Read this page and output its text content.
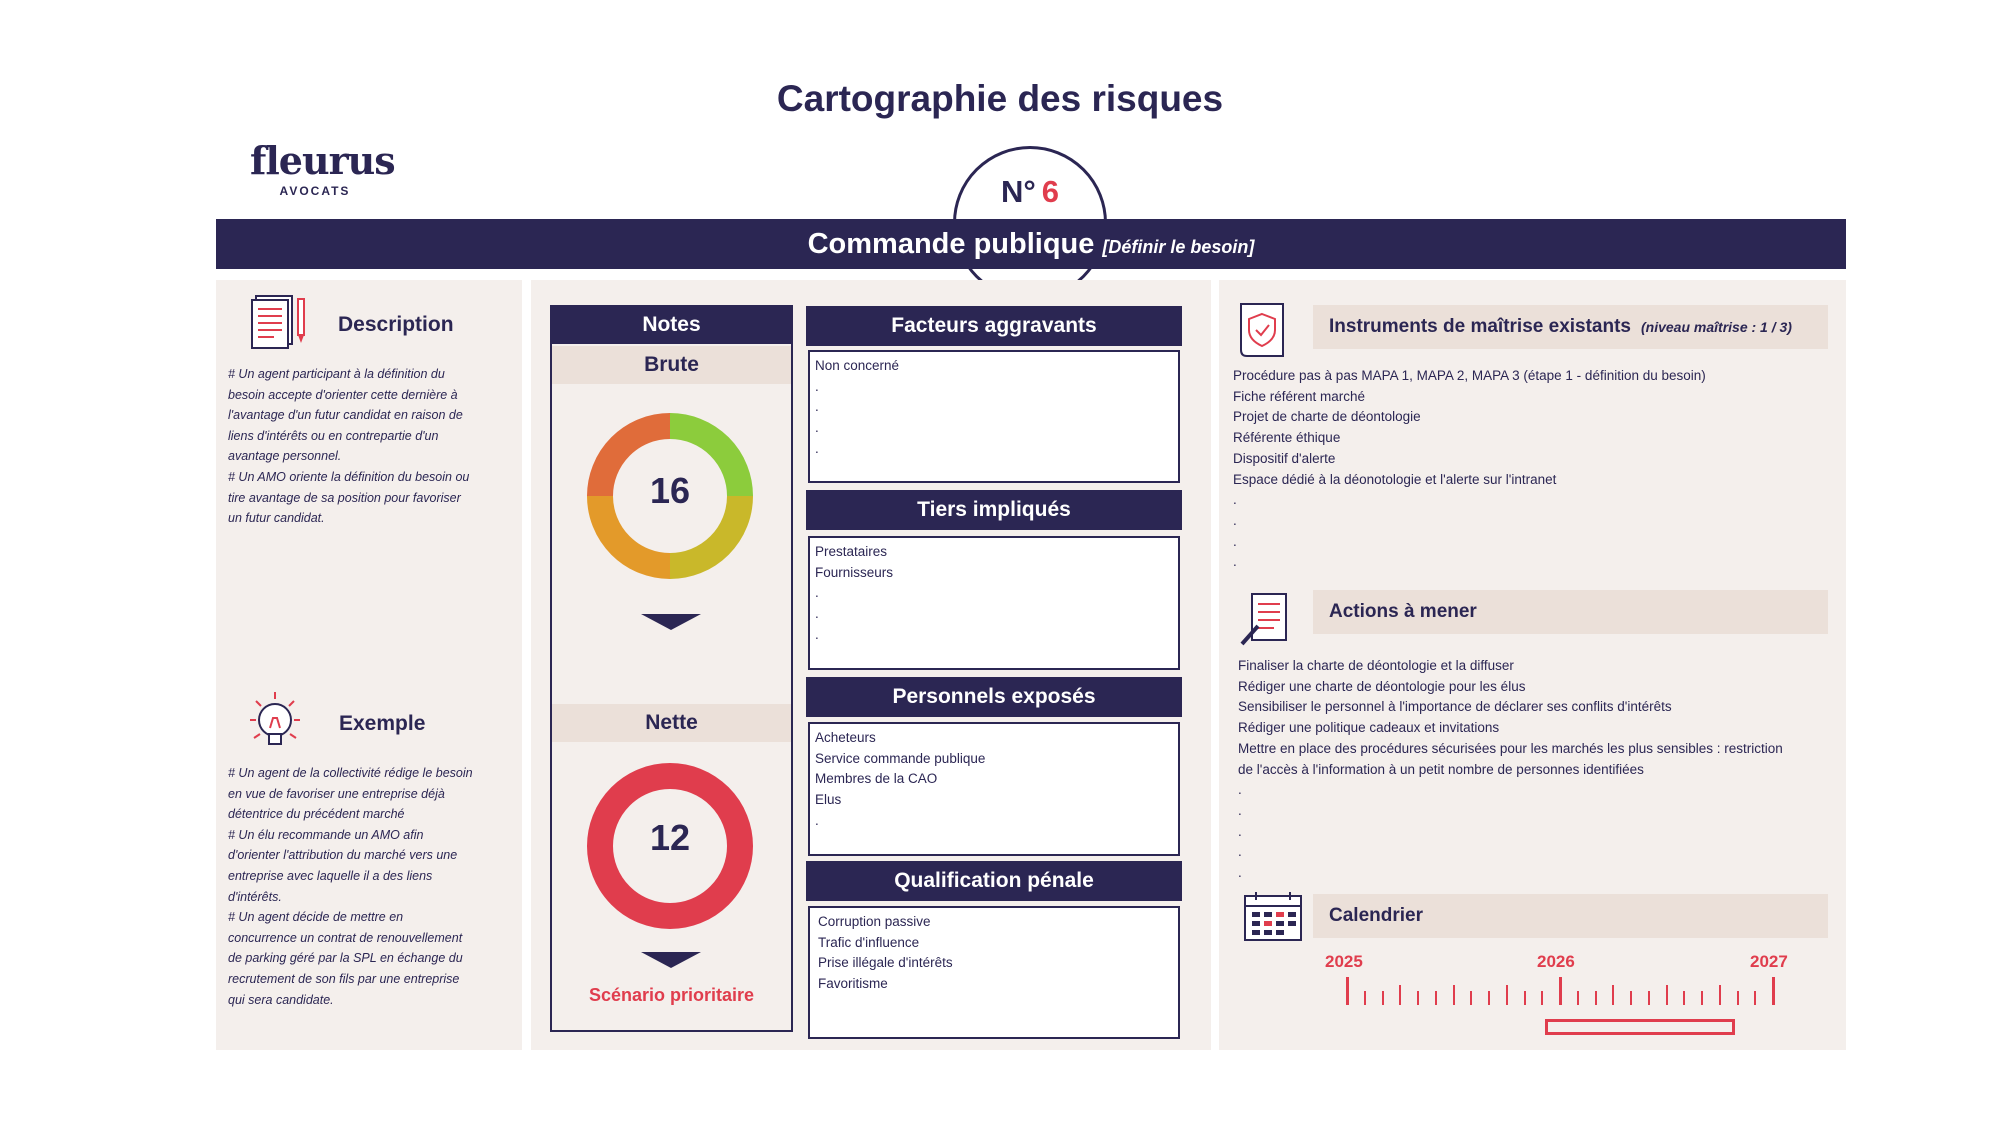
Cartographie des risques
fleurus
AVOCATS
Commande publique [Définir le besoin]
N° 6
Description
# Un agent participant à la définition du
besoin accepte d'orienter cette dernière à
l'avantage d'un futur candidat en raison de
liens d'intérêts ou en contrepartie d'un
avantage personnel.
# Un AMO oriente la définition du besoin ou
tire avantage de sa position pour favoriser
un futur candidat.
Exemple
# Un agent de la collectivité rédige le besoin
en vue de favoriser une entreprise déjà
détentrice du précédent marché
# Un élu recommande un AMO afin
d'orienter l'attribution du marché vers une
entreprise avec laquelle il a des liens
d'intérêts.
# Un agent décide de mettre en
concurrence un contrat de renouvellement
de parking géré par la SPL en échange du
recrutement de son fils par une entreprise
qui sera candidate.
Notes
Brute
16
Nette
12
Scénario prioritaire
Facteurs aggravants
Non concerné
.
.
.
.
Tiers impliqués
Prestataires
Fournisseurs
.
.
.
Personnels exposés
Acheteurs
Service commande publique
Membres de la CAO
Elus
.
Qualification pénale
Corruption passive
Trafic d'influence
Prise illégale d'intérêts
Favoritisme
Instruments de maîtrise existants (niveau maîtrise : 1 / 3)
Procédure pas à pas MAPA 1, MAPA 2, MAPA 3 (étape 1 - définition du besoin)
Fiche référent marché
Projet de charte de déontologie
Référente éthique
Dispositif d'alerte
Espace dédié à la déonotologie et l'alerte sur l'intranet
.
.
.
.
Actions à mener
Finaliser la charte de déontologie et la diffuser
Rédiger une charte de déontologie pour les élus
Sensibiliser le personnel à l'importance de déclarer ses conflits d'intérêts
Rédiger une politique cadeaux et invitations
Mettre en place des procédures sécurisées pour les marchés les plus sensibles : restriction
de l'accès à l'information à un petit nombre de personnes identifiées
.
.
.
.
.
Calendrier
2025	2026	2027
